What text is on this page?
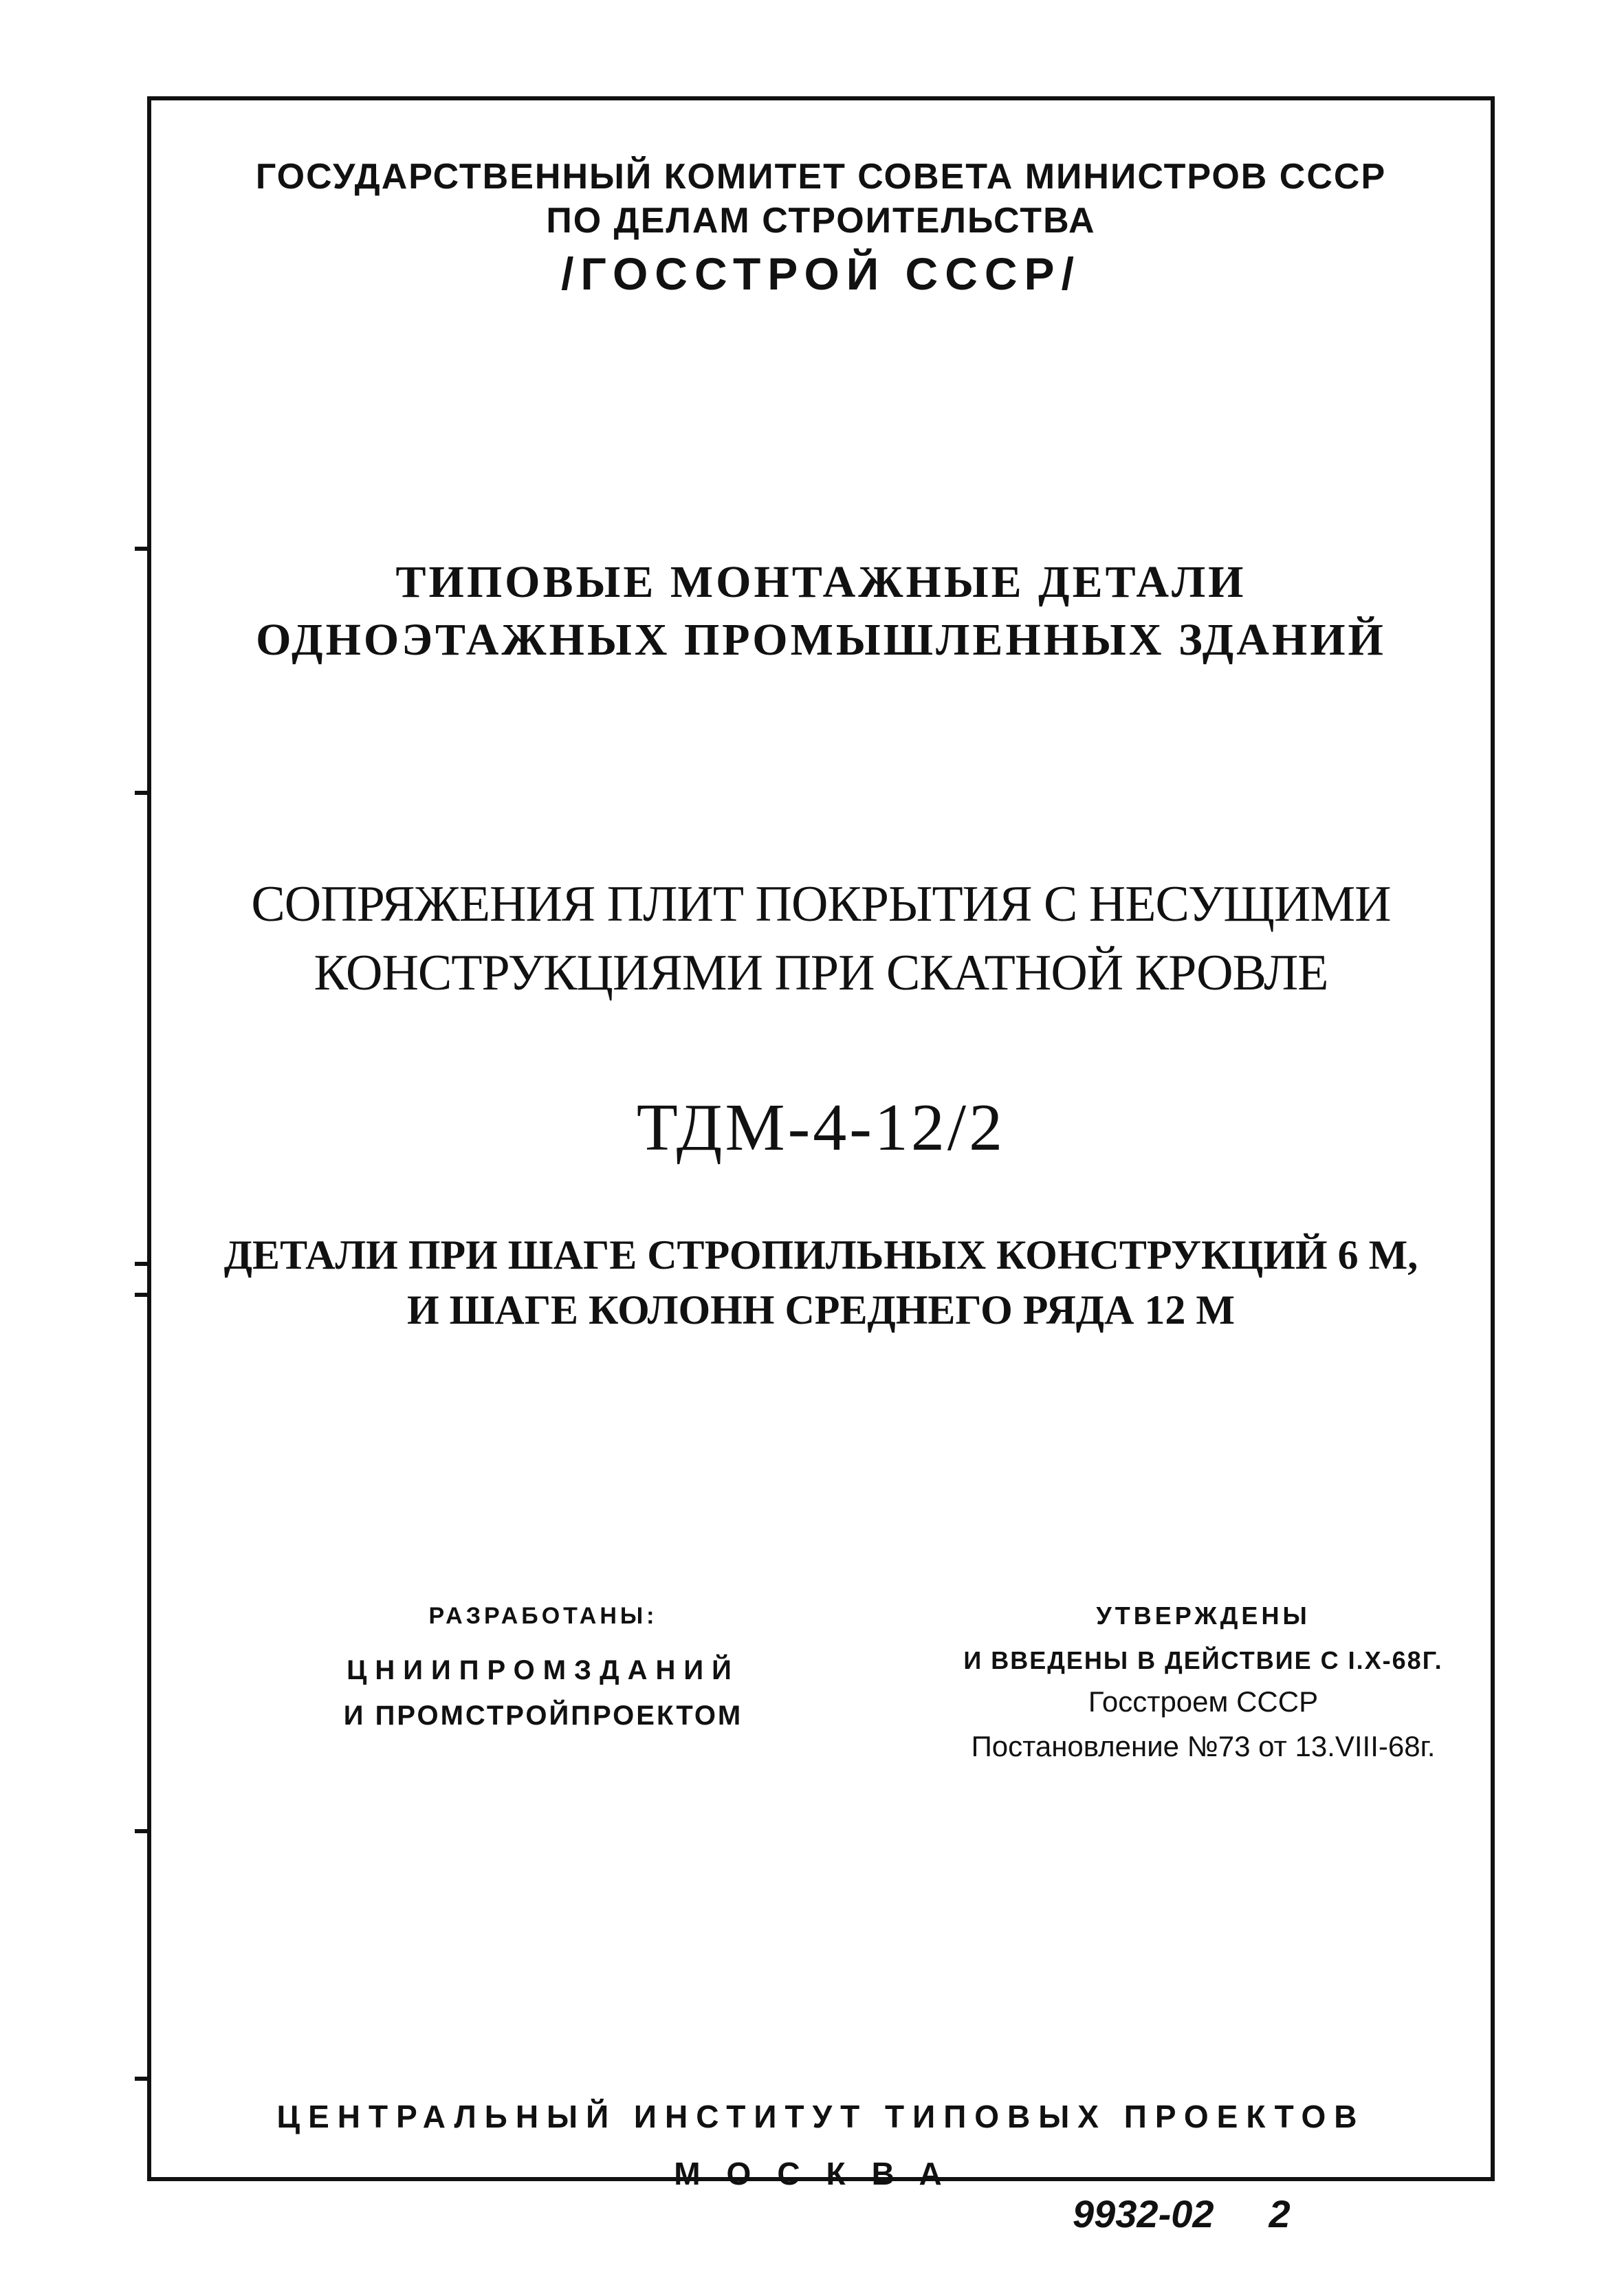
ГОСУДАРСТВЕННЫЙ КОМИТЕТ СОВЕТА МИНИСТРОВ СССР
ПО ДЕЛАМ СТРОИТЕЛЬСТВА
/ГОССТРОЙ СССР/
ТИПОВЫЕ МОНТАЖНЫЕ ДЕТАЛИ
ОДНОЭТАЖНЫХ ПРОМЫШЛЕННЫХ ЗДАНИЙ
СОПРЯЖЕНИЯ ПЛИТ ПОКРЫТИЯ С НЕСУЩИМИ
КОНСТРУКЦИЯМИ ПРИ СКАТНОЙ КРОВЛЕ
ТДМ-4-12/2
ДЕТАЛИ ПРИ ШАГЕ СТРОПИЛЬНЫХ КОНСТРУКЦИЙ 6 М,
И ШАГЕ КОЛОНН СРЕДНЕГО РЯДА 12 М
РАЗРАБОТАНЫ:
ЦНИИПРОМЗДАНИЙ
И ПРОМСТРОЙПРОЕКТОМ
УТВЕРЖДЕНЫ
И ВВЕДЕНЫ В ДЕЙСТВИЕ С I.X-68Г.
Госстроем СССР
Постановление №73 от 13.VIII-68г.
ЦЕНТРАЛЬНЫЙ ИНСТИТУТ ТИПОВЫХ ПРОЕКТОВ
МОСКВА
9932-02 2
